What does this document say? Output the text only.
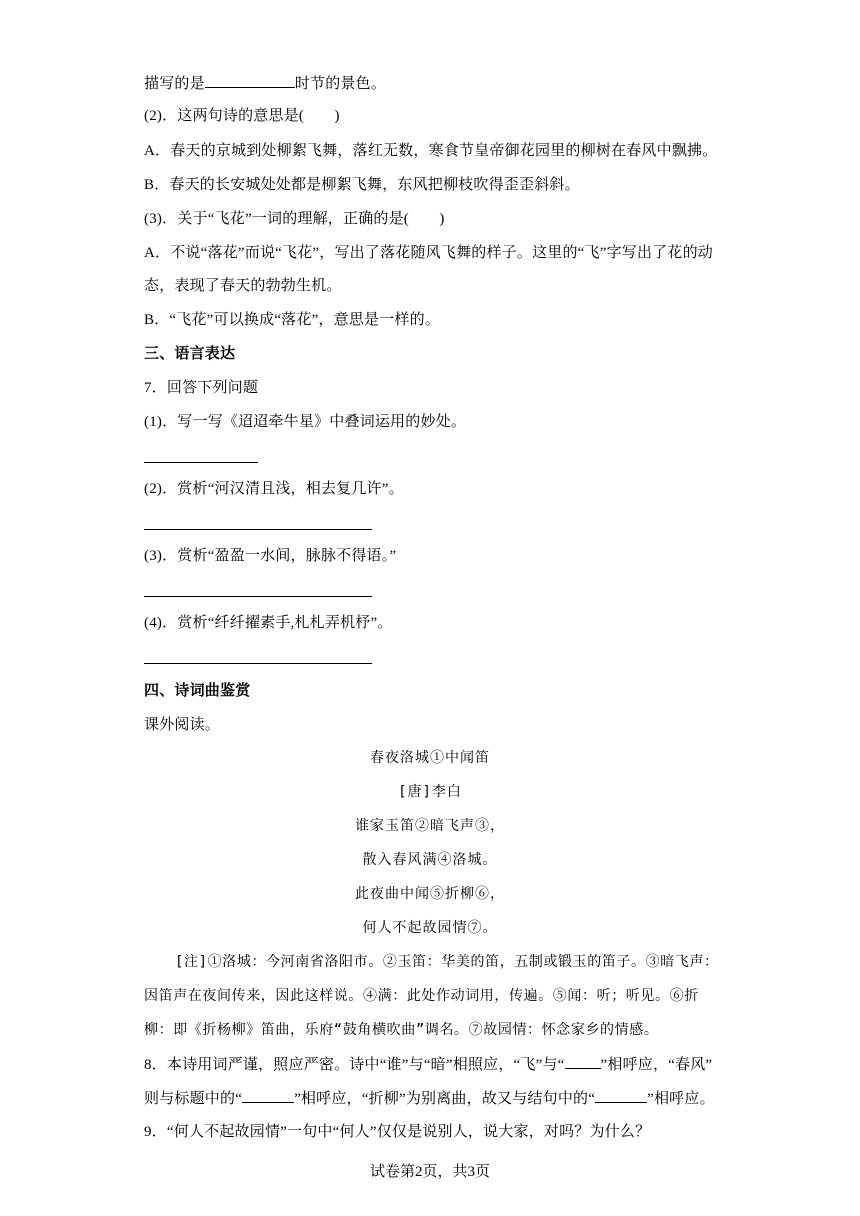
描写的是	时节的景色。
(2)．这两句诗的意思是(　　)
A．春天的京城到处柳絮飞舞，落红无数，寒食节皇帝御花园里的柳树在春风中飘拂。
B．春天的长安城处处都是柳絮飞舞，东风把柳枝吹得歪歪斜斜。
(3)．关于“飞花”一词的理解，正确的是(　　)
A．不说“落花”而说“飞花”，写出了落花随风飞舞的样子。这里的“飞”字写出了花的动
态，表现了春天的勃勃生机。
B．“飞花”可以换成“落花”，意思是一样的。
三、语言表达
7．回答下列问题
(1)．写一写《迢迢牵牛星》中叠词运用的妙处。
(2)．赏析“河汉清且浅，相去复几许”。
(3)．赏析“盈盈一水间，脉脉不得语。”
(4)．赏析“纤纤擢素手,札札弄机杼”。
四、诗词曲鉴赏
课外阅读。
春夜洛城①中闻笛
[唐]李白
谁家玉笛②暗飞声③，
散入春风满④洛城。
此夜曲中闻⑤折柳⑥，
何人不起故园情⑦。
[注]①洛城：今河南省洛阳市。②玉笛：华美的笛，五制或锻玉的笛子。③暗飞声：
因笛声在夜间传来，因此这样说。④满：此处作动词用，传遍。⑤闻：听；听见。⑥折
柳：即《折杨柳》笛曲，乐府“鼓角横吹曲”调名。⑦故园情：怀念家乡的情感。
8．本诗用词严谨，照应严密。诗中“谁”与“暗”相照应，“飞”与“ ”相呼应，“春风”
则与标题中的“	”相呼应，“折柳”为别离曲，故又与结句中的“	”相呼应。
9．“何人不起故园情”一句中“何人”仅仅是说别人，说大家，对吗？为什么？
试卷第2页，共3页
